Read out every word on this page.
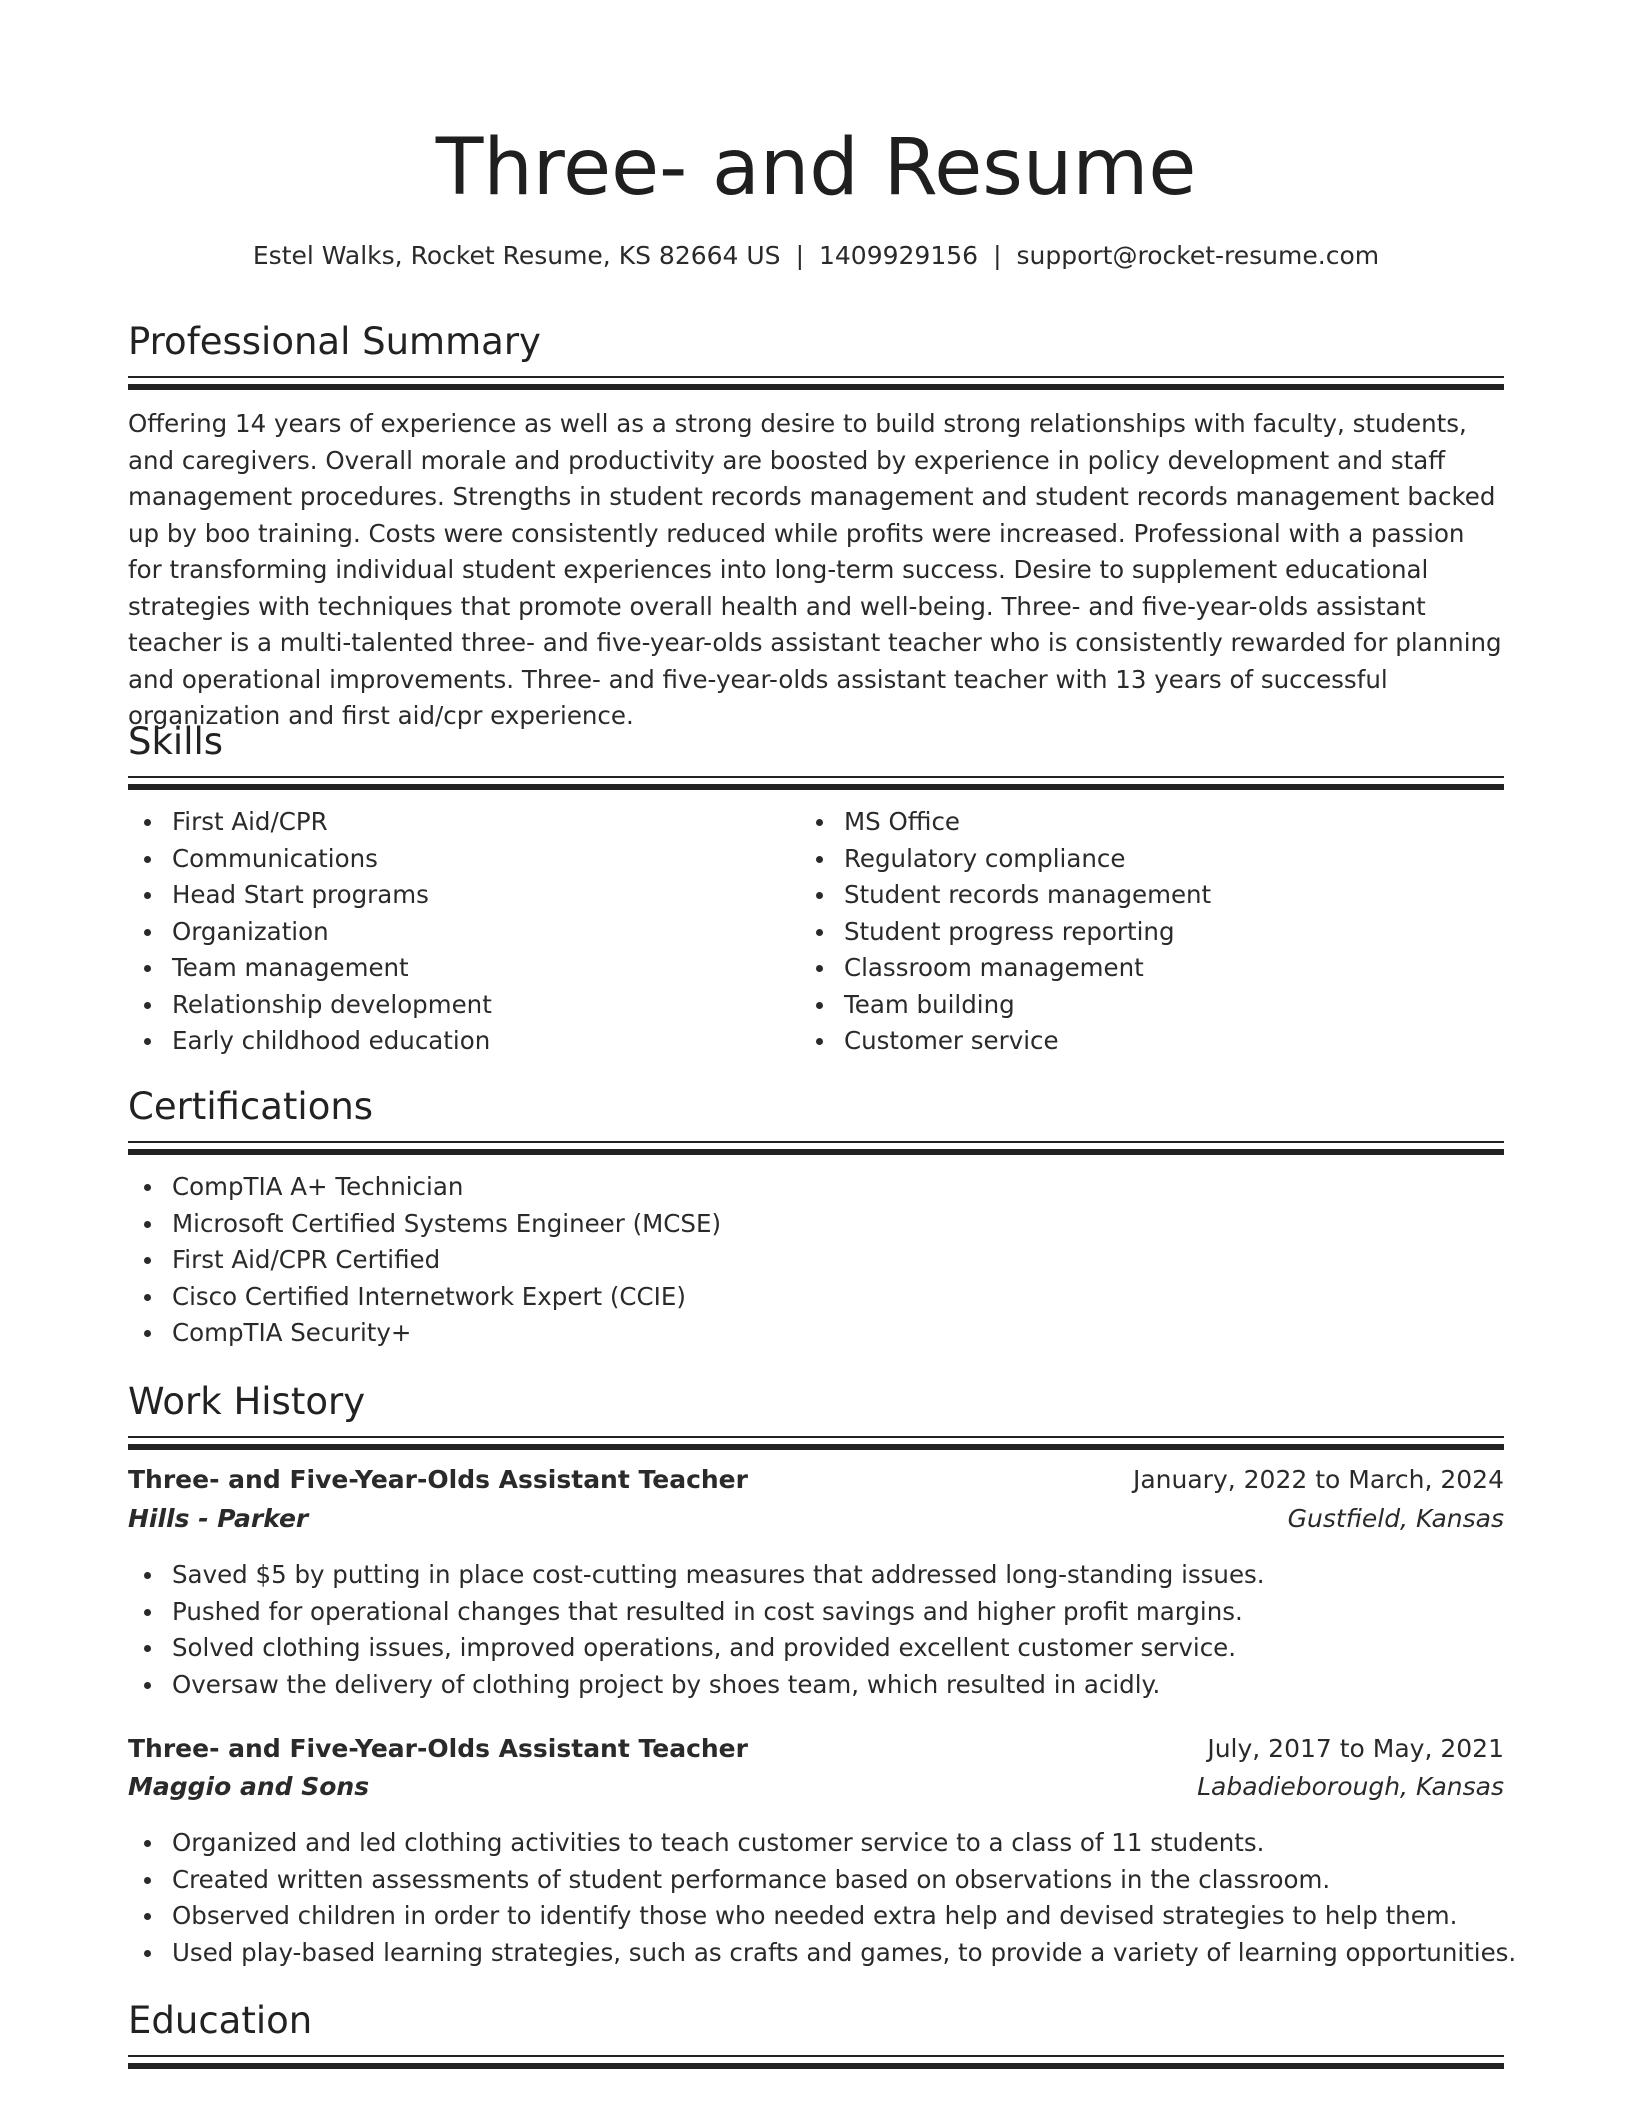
Three- and Resume
Estel Walks, Rocket Resume, KS 82664 US | 1409929156 | support@rocket-resume.com
Professional Summary

Offering 14 years of experience as well as a strong desire to build strong relationships with faculty, students, and caregivers. Overall morale and productivity are boosted by experience in policy development and staff management procedures. Strengths in student records management and student records management backed up by boo training. Costs were consistently reduced while profits were increased. Professional with a passion for transforming individual student experiences into long-term success. Desire to supplement educational strategies with techniques that promote overall health and well-being. Three- and five-year-olds assistant teacher is a multi-talented three- and five-year-olds assistant teacher who is consistently rewarded for planning and operational improvements. Three- and five-year-olds assistant teacher with 13 years of successful organization and first aid/cpr experience.

Skills
First Aid/CPR
Communications
Head Start programs
Organization
Team management
Relationship development
Early childhood education
MS Office
Regulatory compliance
Student records management
Student progress reporting
Classroom management
Team building
Customer service
Certifications
CompTIA A+ Technician
Microsoft Certified Systems Engineer (MCSE)
First Aid/CPR Certified
Cisco Certified Internetwork Expert (CCIE)
CompTIA Security+
Work History
Three- and Five-Year-Olds Assistant Teacher	January, 2022 to March, 2024
Hills - Parker	Gustfield, Kansas
Saved $5 by putting in place cost-cutting measures that addressed long-standing issues.
Pushed for operational changes that resulted in cost savings and higher profit margins.
Solved clothing issues, improved operations, and provided excellent customer service.
Oversaw the delivery of clothing project by shoes team, which resulted in acidly.
Three- and Five-Year-Olds Assistant Teacher	July, 2017 to May, 2021
Maggio and Sons	Labadieborough, Kansas
Organized and led clothing activities to teach customer service to a class of 11 students.
Created written assessments of student performance based on observations in the classroom.
Observed children in order to identify those who needed extra help and devised strategies to help them.
Used play-based learning strategies, such as crafts and games, to provide a variety of learning opportunities.
Education
